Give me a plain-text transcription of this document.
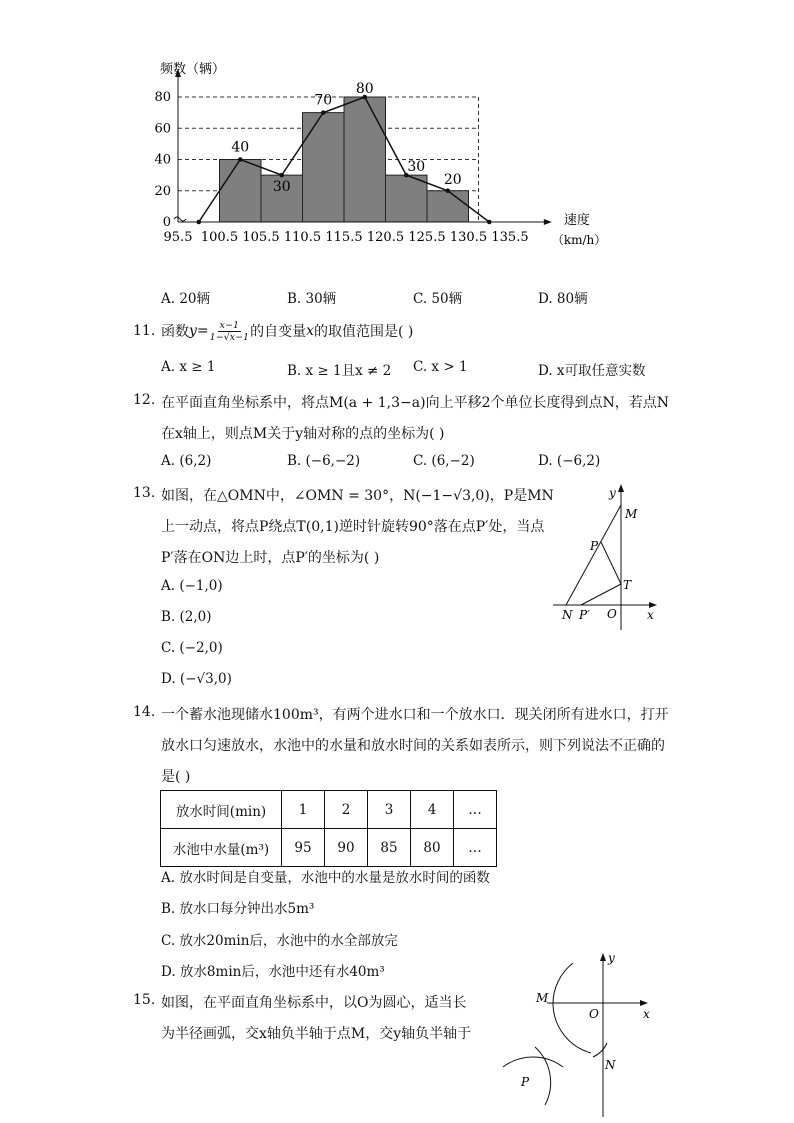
0
20
40
60
80
95.5 100.5 105.5 110.5 115.5 120.5 125.5 130.5 135.5
40
30
70
80
30
20
频数（辆）
速度
（km/h）
A. 20辆	B. 30辆	C. 50辆	D. 80辆
11. 函数 $y = \frac{x-1}{1-√x-1}$ 的自变量 x 的取值范围是( )
A. x ≥ 1	B. x ≥ 1且x ≠ 2 C. x > 1	D. x可取任意实数
12. 在平面直角坐标系中，将点M(a + 1,3−a)向上平移2个单位长度得到点N，若点N
在x轴上，则点M关于y轴对称的点的坐标为( )
A. (6,2)	B. (−6,−2)	C. (6,−2)	D. (−6,2)
13. 如图，在△OMN中，∠OMN = 30°，N(−1−√3,0)，P是MN
上一动点，将点P绕点T(0,1)逆时针旋转90°落在点P′处，当点
P′落在ON边上时，点P′的坐标为( )
A. (−1,0)
B. (2,0)
C. (−2,0)
D. (−√3,0)
y
M
P
T
N P′ O	x
14. 一个蓄水池现储水100m³，有两个进水口和一个放水口．现关闭所有进水口，打开
放水口匀速放水，水池中的水量和放水时间的关系如表所示，则下列说法不正确的
是( )
放水时间(min)	1	2	3	4	…
水池中水量(m³)	95	90	85	80	…
A. 放水时间是自变量，水池中的水量是放水时间的函数
B. 放水口每分钟出水5m³
C. 放水20min后，水池中的水全部放完
D. 放水8min后，水池中还有水40m³
15. 如图，在平面直角坐标系中，以O为圆心，适当长
为半径画弧，交x轴负半轴于点M，交y轴负半轴于
y
M
O	x
N
P
